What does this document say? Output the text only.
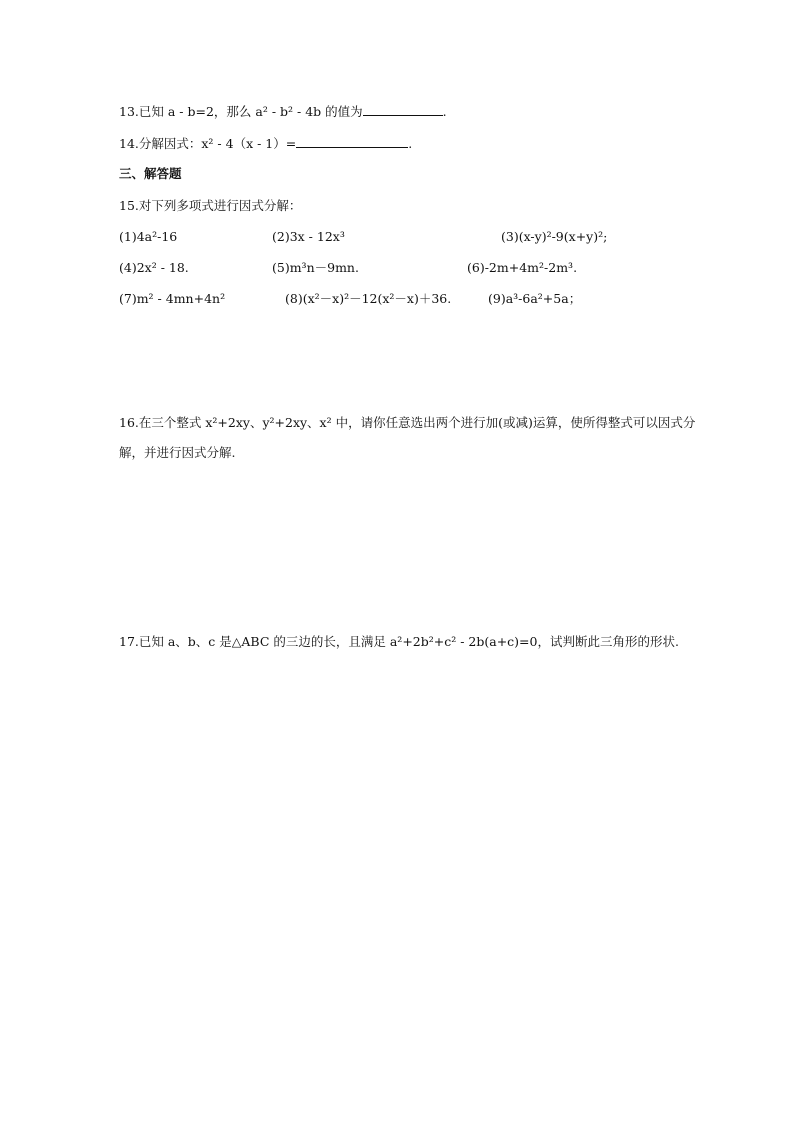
13.已知 a - b=2，那么 a² - b² - 4b 的值为	.
14.分解因式：x² - 4（x - 1）=	.
三、解答题
15.对下列多项式进行因式分解：
(1)4a²-16	(2)3x - 12x³	(3)(x-y)²-9(x+y)²;
(4)2x² - 18.	(5)m³n－9mn.	(6)-2m+4m²-2m³.
(7)m² - 4mn+4n²	(8)(x²－x)²－12(x²－x)＋36.	(9)a³-6a²+5a；
16.在三个整式 x²+2xy、y²+2xy、x² 中，请你任意选出两个进行加(或减)运算，使所得整式可以因式分解，并进行因式分解.
17.已知 a、b、c 是△ABC 的三边的长，且满足 a²+2b²+c² - 2b(a+c)=0，试判断此三角形的形状.
